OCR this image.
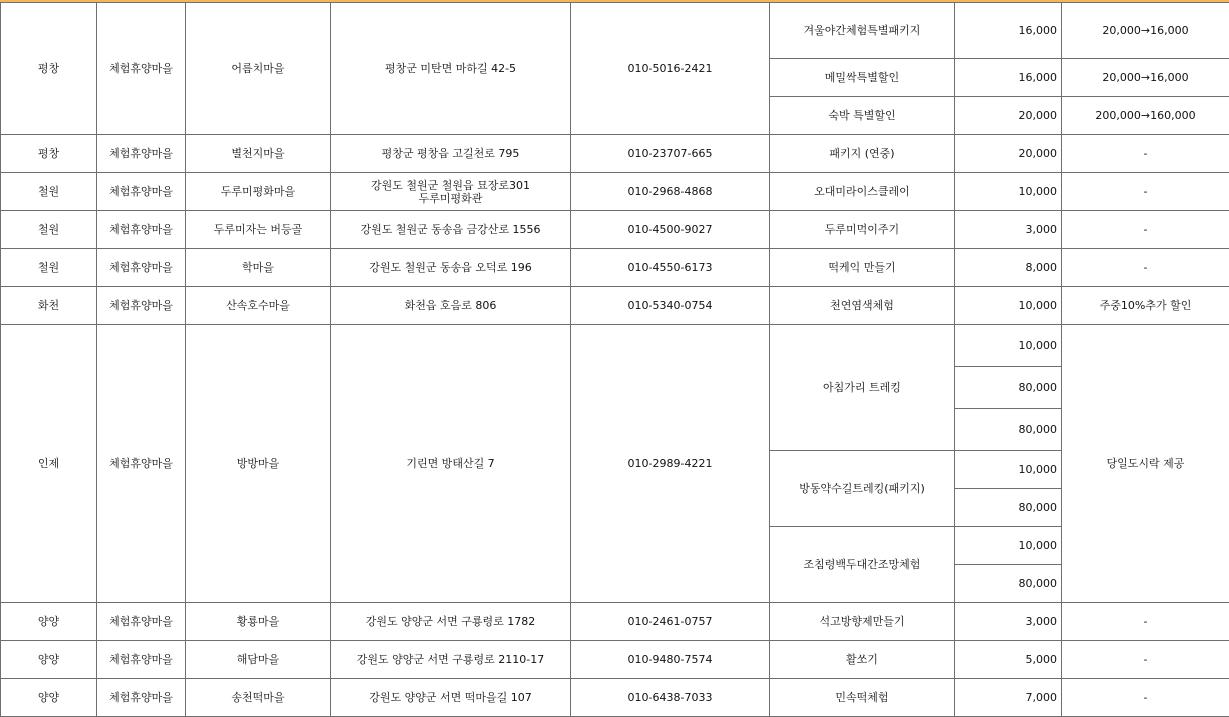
평창	체험휴양마을	어름치마을	평창군 미탄면 마하길 42-5	010-5016-2421	겨울야간체험특별패키지	16,000	20,000→16,000
					메밀싹특별할인	16,000	20,000→16,000
					숙박 특별할인	20,000	200,000→160,000
평창	체험휴양마을	별천지마을	평창군 평창읍 고길천로 795	010-23707-665	패키지 (연중)	20,000	-
철원	체험휴양마을	두루미평화마을	강원도 철원군 철원읍 묘장로301
두루미평화관	010-2968-4868	오대미라이스클레이	10,000	-
철원	체험휴양마을	두루미자는 버등골	강원도 철원군 동송읍 금강산로 1556	010-4500-9027	두루미먹이주기	3,000	-
철원	체험휴양마을	학마을	강원도 철원군 동송읍 오덕로 196	010-4550-6173	떡케익 만들기	8,000	-
화천	체험휴양마을	산속호수마을	화천읍 호음로 806	010-5340-0754	천연염색체험	10,000	주중10%추가 할인
인제	체험휴양마을	방방마을	기린면 방태산길 7	010-2989-4221	아침가리 트레킹	10,000	당일도시락 제공
						80,000	
						80,000	
					방동약수길트레킹(패키지)	10,000	
						80,000	
					조침령백두대간조망체험	10,000	
						80,000	
양양	체험휴양마을	황룡마을	강원도 양양군 서면 구룡령로 1782	010-2461-0757	석고방향제만들기	3,000	-
양양	체험휴양마을	해담마을	강원도 양양군 서면 구룡령로 2110-17	010-9480-7574	활쏘기	5,000	-
양양	체험휴양마을	송천떡마을	강원도 양양군 서면 떡마을길 107	010-6438-7033	민속떡체험	7,000	-
